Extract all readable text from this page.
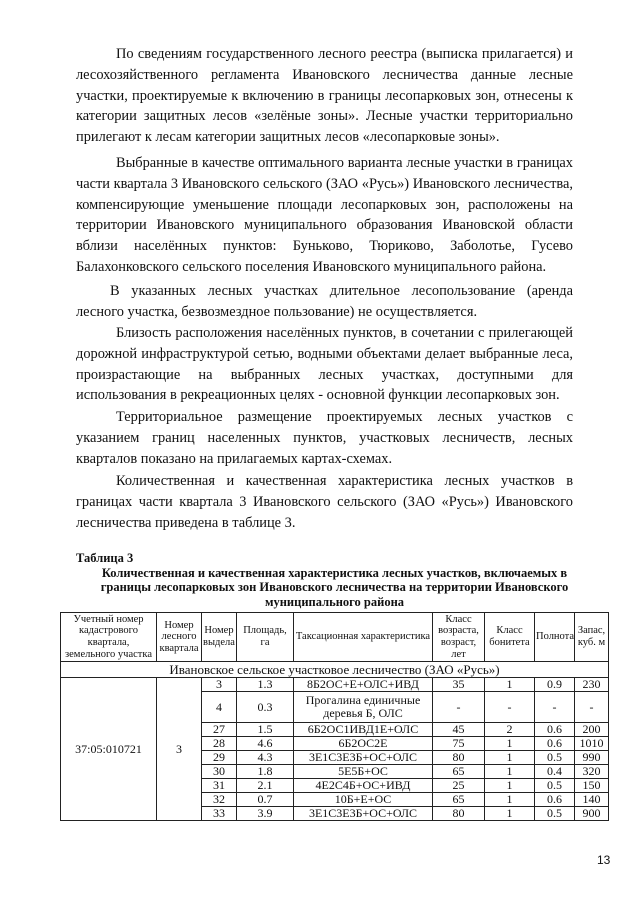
По сведениям государственного лесного реестра (выписка прилагается) и лесохозяйственного регламента Ивановского лесничества данные лесные участки, проектируемые к включению в границы лесопарковых зон, отнесены к категории защитных лесов «зелёные зоны». Лесные участки территориально прилегают к лесам категории защитных лесов «лесопарковые зоны».

Выбранные в качестве оптимального варианта лесные участки в границах части квартала 3 Ивановского сельского (ЗАО «Русь») Ивановского лесничества, компенсирующие уменьшение площади лесопарковых зон, расположены на территории Ивановского муниципального образования Ивановской области вблизи населённых пунктов: Буньково, Тюриково, Заболотье, Гусево Балахонковского сельского поселения Ивановского муниципального района.

В указанных лесных участках длительное лесопользование (аренда лесного участка, безвозмездное пользование) не осуществляется.

Близость расположения населённых пунктов, в сочетании с прилегающей дорожной инфраструктурой сетью, водными объектами делает выбранные леса, произрастающие на выбранных лесных участках, доступными для использования в рекреационных целях - основной функции лесопарковых зон.

Территориальное размещение проектируемых лесных участков с указанием границ населенных пунктов, участковых лесничеств, лесных кварталов показано на прилагаемых картах-схемах.

Количественная и качественная характеристика лесных участков в границах части квартала 3 Ивановского сельского (ЗАО «Русь») Ивановского лесничества приведена в таблице 3.

Таблица 3
Количественная и качественная характеристика лесных участков, включаемых в границы лесопарковых зон Ивановского лесничества на территории Ивановского муниципального района
Учетный номер кадастрового квартала, земельного участка	Номер лесного квартала	Номер выдела	Площадь, га	Таксационная характеристика	Класс возраста, возраст, лет	Класс бонитета	Полнота	Запас, куб. м
Ивановское сельское участковое лесничество (ЗАО «Русь»)								
37:05:010721	3	3	1.3	8Б2ОС+Е+ОЛС+ИВД	35	1	0.9	230
		4	0.3	Прогалина единичные деревья Б, ОЛС	-	-	-	-
		27	1.5	6Б2ОС1ИВД1Е+ОЛС	45	2	0.6	200
		28	4.6	6Б2ОС2Е	75	1	0.6	1010
		29	4.3	3Е1С3Е3Б+ОС+ОЛС	80	1	0.5	990
		30	1.8	5Е5Б+ОС	65	1	0.4	320
		31	2.1	4Е2С4Б+ОС+ИВД	25	1	0.5	150
		32	0.7	10Б+Е+ОС	65	1	0.6	140
		33	3.9	3Е1С3Е3Б+ОС+ОЛС	80	1	0.5	900
13
